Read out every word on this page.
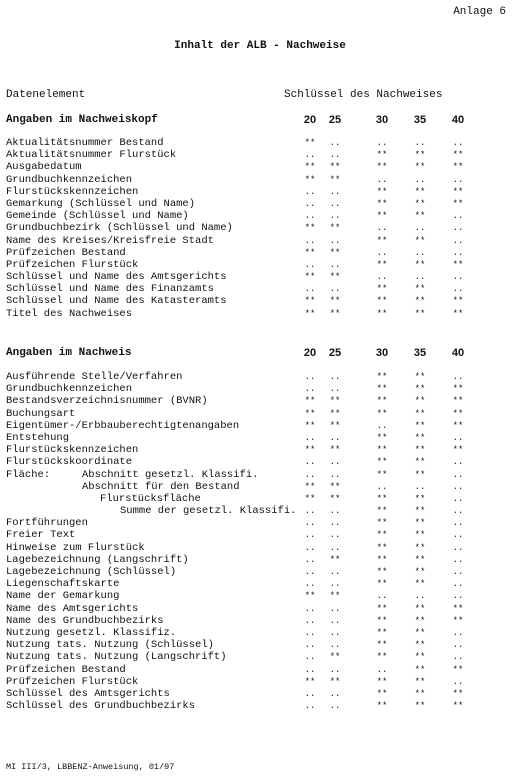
Anlage 6
Inhalt der ALB - Nachweise
Datenelement	Schlüssel des Nachweises
Angaben im Nachweiskopf	20	25	30	35	40
Aktualitätsnummer Bestand	**	..	..	..	..
Aktualitätsnummer Flurstück	..	..	**	**	**
Ausgabedatum	**	**	**	**	**
Grundbuchkennzeichen	**	**	..	..	..
Flurstückskennzeichen	..	..	**	**	**
Gemarkung (Schlüssel und Name)	..	..	**	**	**
Gemeinde (Schlüssel und Name)	..	..	**	**	..
Grundbuchbezirk (Schlüssel und Name)	**	**	..	..	..
Name des Kreises/Kreisfreie Stadt	..	..	**	**	..
Prüfzeichen Bestand	**	**	..	..	..
Prüfzeichen Flurstück	..	..	**	**	**
Schlüssel und Name des Amtsgerichts	**	**	..	..	..
Schlüssel und Name des Finanzamts	..	..	**	**	..
Schlüssel und Name des Katasteramts	**	**	**	**	**
Titel des Nachweises	**	**	**	**	**
Angaben im Nachweis	20	25	30	35	40
Ausführende Stelle/Verfahren	..	..	**	**	..
Grundbuchkennzeichen	..	..	**	**	**
Bestandsverzeichnisnummer (BVNR)	**	**	**	**	**
Buchungsart	**	**	**	**	**
Eigentümer-/Erbbauberechtigtenangaben	**	**	..	**	**
Entstehung	..	..	**	**	..
Flurstückskennzeichen	**	**	**	**	**
Flurstückskoordinate	..	..	**	**	..
Fläche:	Abschnitt gesetzl. Klassifi.	..	..	**	**	..
Abschnitt für den Bestand	**	**	..	..	..
Flurstücksfläche	**	**	**	**	..
Summe der gesetzl. Klassifi. ..	..	**	**	..
Fortführungen	..	..	**	**	..
Freier Text	..	..	**	**	..
Hinweise zum Flurstück	..	..	**	**	..
Lagebezeichnung (Langschrift)	..	**	**	**	..
Lagebezeichnung (Schlüssel)	..	..	**	**	..
Liegenschaftskarte	..	..	**	**	..
Name der Gemarkung	**	**	..	..	..
Name des Amtsgerichts	..	..	**	**	**
Name des Grundbuchbezirks	..	..	**	**	**
Nutzung gesetzl. Klassifiz.	..	..	**	**	..
Nutzung tats. Nutzung (Schlüssel)	..	..	**	**	..
Nutzung tats. Nutzung (Langschrift)	..	**	**	**	..
Prüfzeichen Bestand	..	..	..	**	**
Prüfzeichen Flurstück	**	**	**	**	..
Schlüssel des Amtsgerichts	..	..	**	**	**
Schlüssel des Grundbuchbezirks	..	..	**	**	**
MI III/3, LBBENZ-Anweisung, 01/97
